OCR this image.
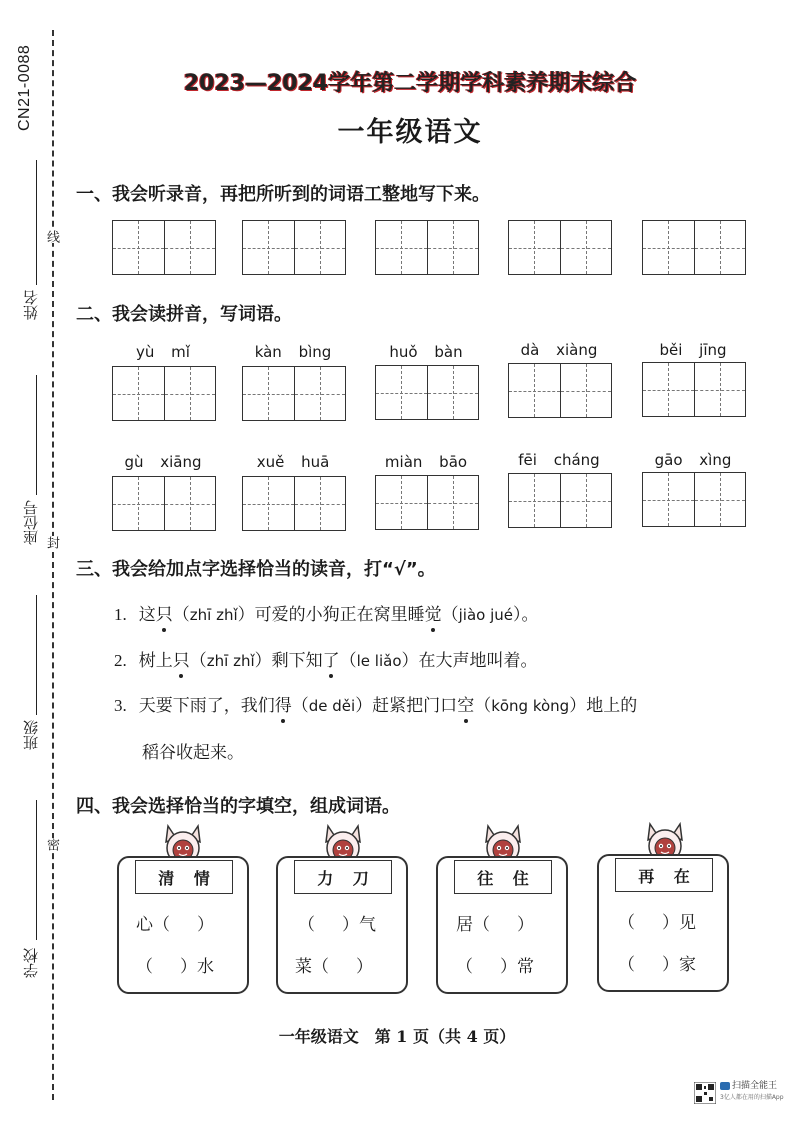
CN21-0088
姓名
座位号
班级
学校
线
封
密
2023—2024学年第二学期学科素养期末综合
一年级语文
一、我会听录音，再把所听到的词语工整地写下来。
二、我会读拼音，写词语。
yù mǐ	kàn bìng	huǒ bàn	dà xiàng	běi jīng
gù xiāng	xuě huā	miàn bāo	fēi cháng	gāo xìng
三、我会给加点字选择恰当的读音，打“√”。
1. 这只（zhī zhǐ）可爱的小狗正在窝里睡觉（jiào jué）。
2. 树上只（zhī zhǐ）剩下知了（le liǎo）在大声地叫着。
3. 天要下雨了，我们得（de děi）赶紧把门口空（kōng kòng）地上的
稻谷收起来。
四、我会选择恰当的字填空，组成词语。
清 情	力 刀	往 住	再 在
心（     ）
（     ）水
（     ）气
菜（     ）
居（     ）
（     ）常
（     ）见
（     ）家
一年级语文　第 1 页（共 4 页）
扫描全能王
3亿人都在用的扫描App
